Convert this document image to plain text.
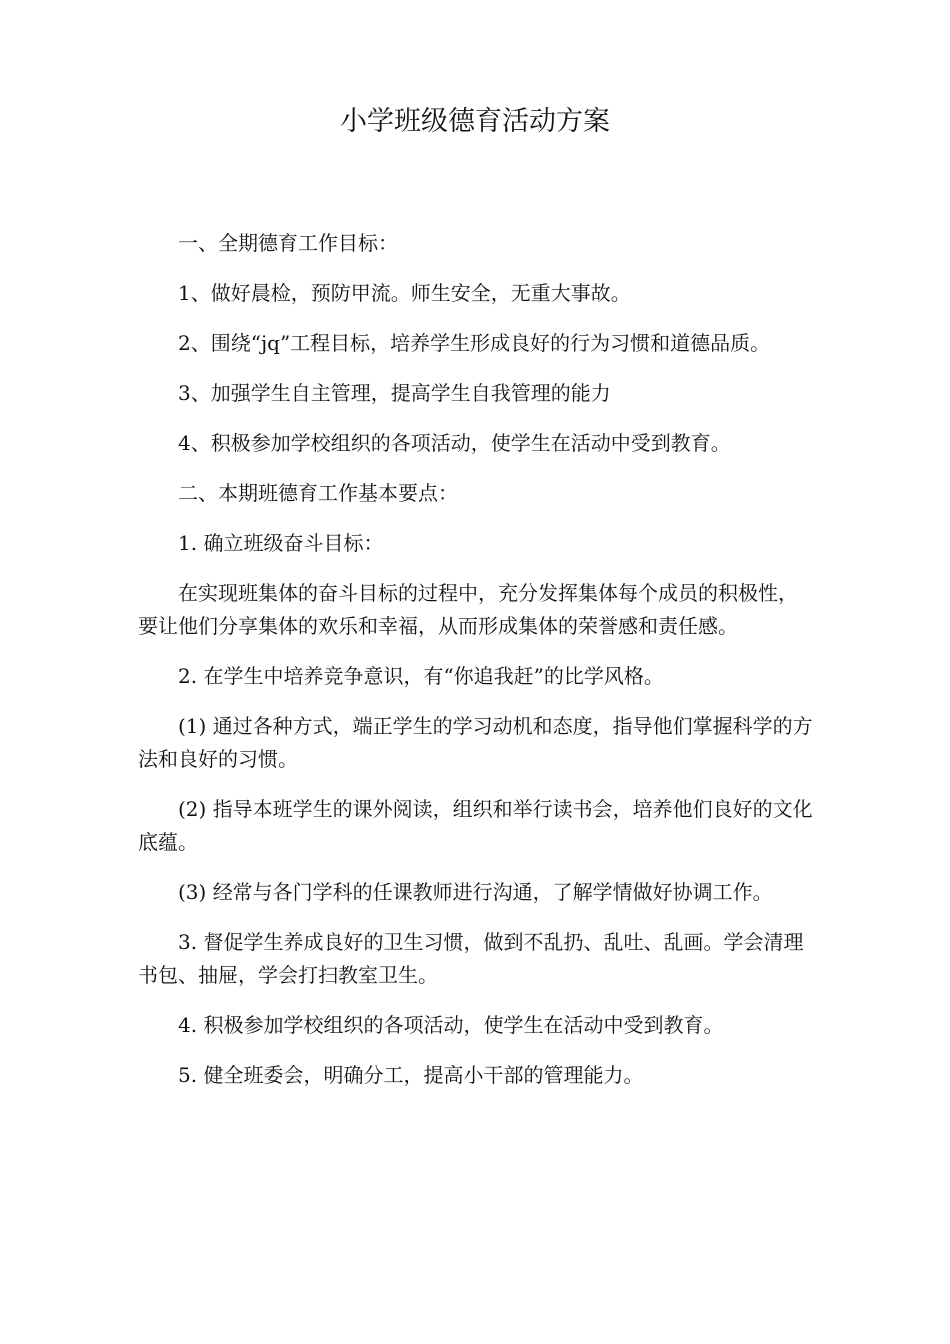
小学班级德育活动方案

一、全期德育工作目标：

1、做好晨检，预防甲流。师生安全，无重大事故。

2、围绕“jq”工程目标，培养学生形成良好的行为习惯和道德品质。

3、加强学生自主管理，提高学生自我管理的能力

4、积极参加学校组织的各项活动，使学生在活动中受到教育。

二、本期班德育工作基本要点：

1. 确立班级奋斗目标：

在实现班集体的奋斗目标的过程中，充分发挥集体每个成员的积极性，要让他们分享集体的欢乐和幸福，从而形成集体的荣誉感和责任感。

2. 在学生中培养竞争意识，有“你追我赶”的比学风格。

(1) 通过各种方式，端正学生的学习动机和态度，指导他们掌握科学的方法和良好的习惯。

(2) 指导本班学生的课外阅读，组织和举行读书会，培养他们良好的文化底蕴。

(3) 经常与各门学科的任课教师进行沟通，了解学情做好协调工作。

3. 督促学生养成良好的卫生习惯，做到不乱扔、乱吐、乱画。学会清理书包、抽屉，学会打扫教室卫生。

4. 积极参加学校组织的各项活动，使学生在活动中受到教育。

5. 健全班委会，明确分工，提高小干部的管理能力。
